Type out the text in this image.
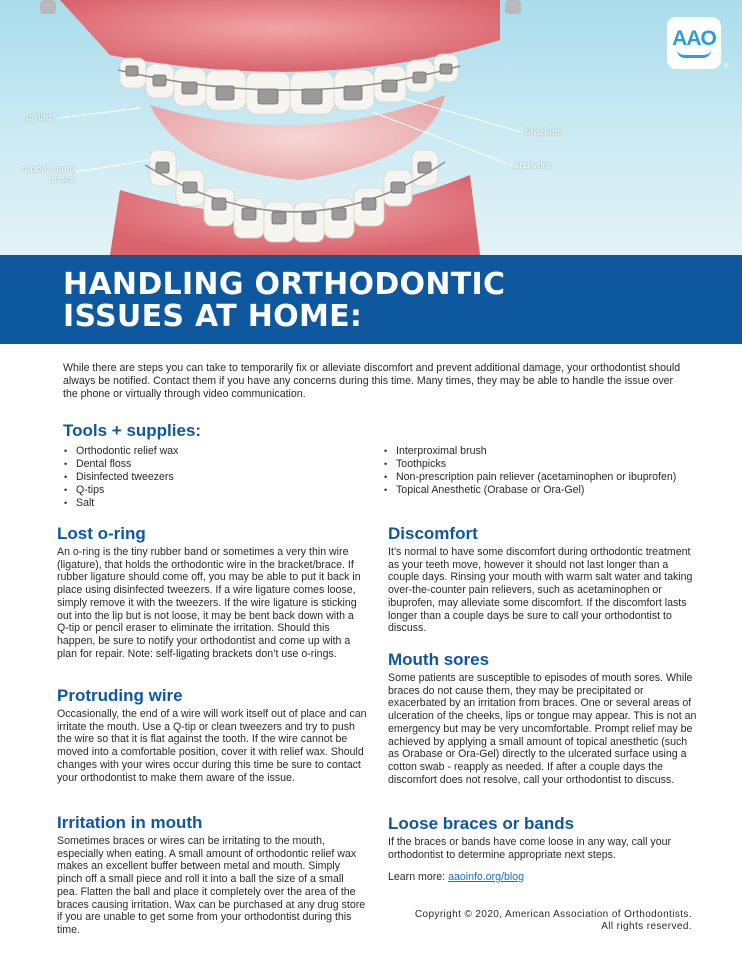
o-ring
rubber band
hooks
brackets
archwire
AAO
®
HANDLING ORTHODONTIC
ISSUES AT HOME:

While there are steps you can take to temporarily fix or alleviate discomfort and prevent additional damage, your orthodontist should always be notified. Contact them if you have any concerns during this time. Many times, they may be able to handle the issue over the phone or virtually through video communication.

Tools + supplies:
• Orthodontic relief wax
• Dental floss
• Disinfected tweezers
• Q-tips
• Salt
• Interproximal brush
• Toothpicks
• Non-prescription pain reliever (acetaminophen or ibuprofen)
• Topical Anesthetic (Orabase or Ora-Gel)
Lost o-ring

An o-ring is the tiny rubber band or sometimes a very thin wire (ligature), that holds the orthodontic wire in the bracket/brace. If rubber ligature should come off, you may be able to put it back in place using disinfected tweezers. If a wire ligature comes loose, simply remove it with the tweezers. If the wire ligature is sticking out into the lip but is not loose, it may be bent back down with a Q-tip or pencil eraser to eliminate the irritation. Should this happen, be sure to notify your orthodontist and come up with a plan for repair. Note: self-ligating brackets don’t use o-rings.

Protruding wire

Occasionally, the end of a wire will work itself out of place and can irritate the mouth. Use a Q-tip or clean tweezers and try to push the wire so that it is flat against the tooth. If the wire cannot be moved into a comfortable position, cover it with relief wax. Should changes with your wires occur during this time be sure to contact your orthodontist to make them aware of the issue.

Irritation in mouth

Sometimes braces or wires can be irritating to the mouth, especially when eating. A small amount of orthodontic relief wax makes an excellent buffer between metal and mouth. Simply pinch off a small piece and roll it into a ball the size of a small pea. Flatten the ball and place it completely over the area of the braces causing irritation. Wax can be purchased at any drug store if you are unable to get some from your orthodontist during this time.

Discomfort

It’s normal to have some discomfort during orthodontic treatment as your teeth move, however it should not last longer than a couple days. Rinsing your mouth with warm salt water and taking over-the-counter pain relievers, such as acetaminophen or ibuprofen, may alleviate some discomfort. If the discomfort lasts longer than a couple days be sure to call your orthodontist to discuss.

Mouth sores

Some patients are susceptible to episodes of mouth sores. While braces do not cause them, they may be precipitated or exacerbated by an irritation from braces. One or several areas of ulceration of the cheeks, lips or tongue may appear. This is not an emergency but may be very uncomfortable. Prompt relief may be achieved by applying a small amount of topical anesthetic (such as Orabase or Ora-Gel) directly to the ulcerated surface using a cotton swab - reapply as needed. If after a couple days the discomfort does not resolve, call your orthodontist to discuss.

Loose braces or bands

If the braces or bands have come loose in any way, call your orthodontist to determine appropriate next steps.

Learn more: aaoinfo.org/blog
Copyright © 2020, American Association of Orthodontists.
All rights reserved.
